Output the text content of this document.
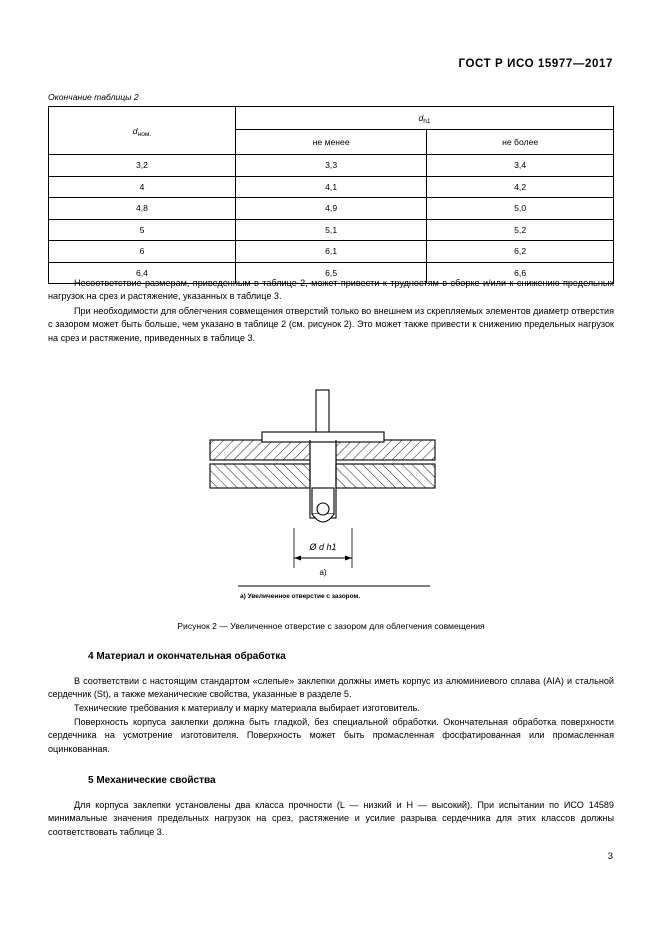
ГОСТ Р ИСО 15977—2017
Окончание таблицы 2
$d_{ном.}$	$d_{h1}$
	не менее	не более
3,2	3,3	3,4
4	4,1	4,2
4,8	4,9	5,0
5	5,1	5,2
6	6,1	6,2
6,4	6,5	6,6
Несоответствие размерам, приведенным в таблице 2, может привести к трудностям в сборке и/или к снижению предельных нагрузок на срез и растяжение, указанных в таблице 3.
При необходимости для облегчения совмещения отверстий только во внешнем из скрепляемых элементов диаметр отверстия с зазором может быть больше, чем указано в таблице 2 (см. рисунок 2). Это может также привести к снижению предельных нагрузок на срез и растяжение, приведенных в таблице 3.
Ø d h1
а)
а) Увеличенное отверстие с зазором.
Рисунок 2 — Увеличенное отверстие с зазором для облегчения совмещения
4 Материал и окончательная обработка
В соответствии с настоящим стандартом «слепые» заклепки должны иметь корпус из алюминиевого сплава (AIA) и стальной сердечник (St), а также механические свойства, указанные в разделе 5.
Технические требования к материалу и марку материала выбирает изготовитель.
Поверхность корпуса заклепки должна быть гладкой, без специальной обработки. Окончательная обработка поверхности сердечника на усмотрение изготовителя. Поверхность может быть промасленная фосфатированная или промасленная оцинкованная.
5 Механические свойства
Для корпуса заклепки установлены два класса прочности (L — низкий и H — высокий). При испытании по ИСО 14589 минимальные значения предельных нагрузок на срез, растяжение и усилие разрыва сердечника для этих классов должны соответствовать таблице 3.
3
